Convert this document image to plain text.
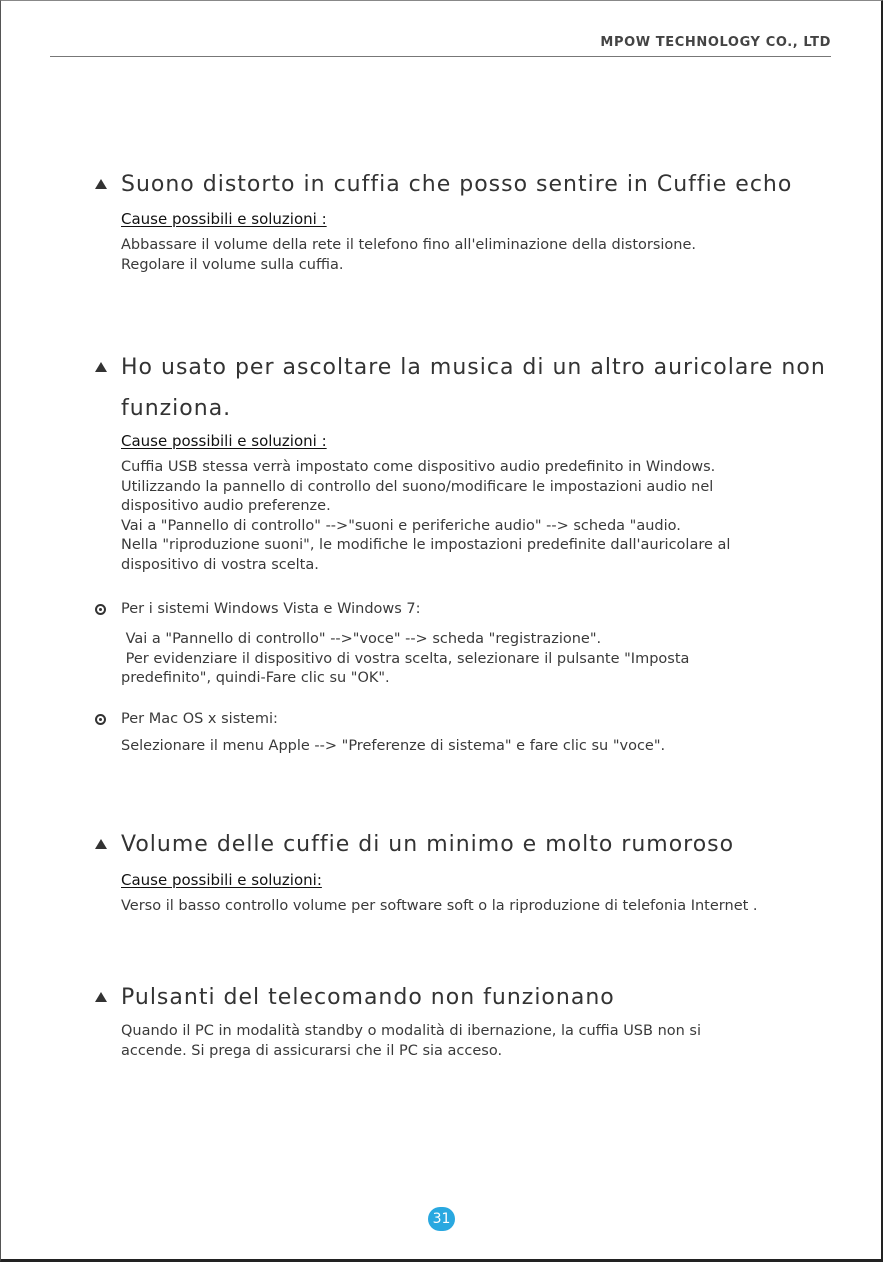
MPOW TECHNOLOGY CO., LTD
Suono distorto in cuffia che posso sentire in Cuffie echo
Cause possibili e soluzioni :
Abbassare il volume della rete il telefono fino all'eliminazione della distorsione.
Regolare il volume sulla cuffia.
Ho usato per ascoltare la musica di un altro auricolare non
funziona.
Cause possibili e soluzioni :
Cuffia USB stessa verrà impostato come dispositivo audio predefinito in Windows.
Utilizzando la pannello di controllo del suono/modificare le impostazioni audio nel
dispositivo audio preferenze.
Vai a "Pannello di controllo" -->"suoni e periferiche audio" --> scheda "audio.
Nella "riproduzione suoni", le modifiche le impostazioni predefinite dall'auricolare al
dispositivo di vostra scelta.
Per i sistemi Windows Vista e Windows 7:
Vai a "Pannello di controllo" -->"voce" --> scheda "registrazione".
Per evidenziare il dispositivo di vostra scelta, selezionare il pulsante "Imposta
predefinito", quindi-Fare clic su "OK".
Per Mac OS x sistemi:
Selezionare il menu Apple --> "Preferenze di sistema" e fare clic su "voce".
Volume delle cuffie di un minimo e molto rumoroso
Cause possibili e soluzioni:
Verso il basso controllo volume per software soft o la riproduzione di telefonia Internet .
Pulsanti del telecomando non funzionano
Quando il PC in modalità standby o modalità di ibernazione, la cuffia USB non si
accende. Si prega di assicurarsi che il PC sia acceso.
31
